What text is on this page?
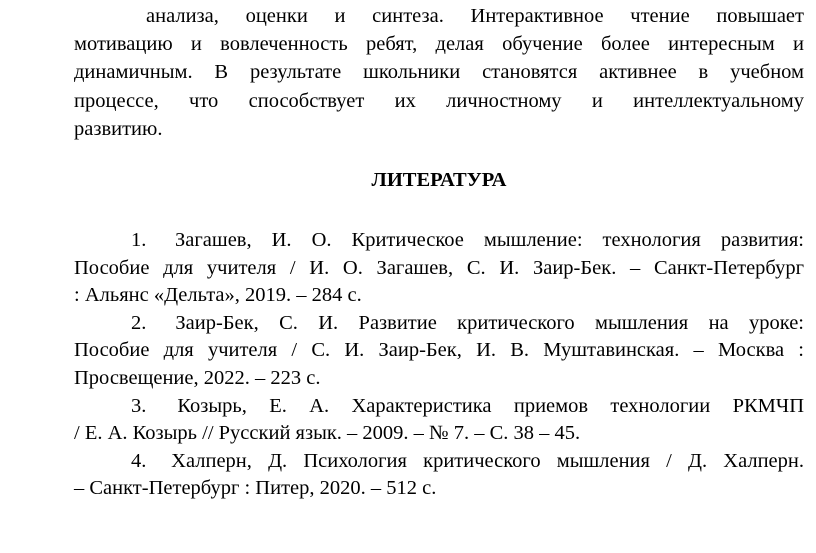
анализа, оценки и синтеза. Интерактивное чтение повышает
мотивацию и вовлеченность ребят, делая обучение более интересным и
динамичным. В результате школьники становятся активнее в учебном
процессе, что способствует их личностному и интеллектуальному
развитию.

ЛИТЕРАТУРА
1. Загашев, И. О. Критическое мышление: технология развития:
Пособие для учителя / И. О. Загашев, С. И. Заир-Бек. – Санкт-Петербург
: Альянс «Дельта», 2019. – 284 с.
2. Заир-Бек, С. И. Развитие критического мышления на уроке:
Пособие для учителя / С. И. Заир-Бек, И. В. Муштавинская. – Москва :
Просвещение, 2022. – 223 с.
3. Козырь, Е. А. Характеристика приемов технологии РКМЧП
/ Е. А. Козырь // Русский язык. – 2009. – № 7. – С. 38 – 45.
4. Халперн, Д. Психология критического мышления / Д. Халперн.
– Санкт-Петербург : Питер, 2020. – 512 с.
